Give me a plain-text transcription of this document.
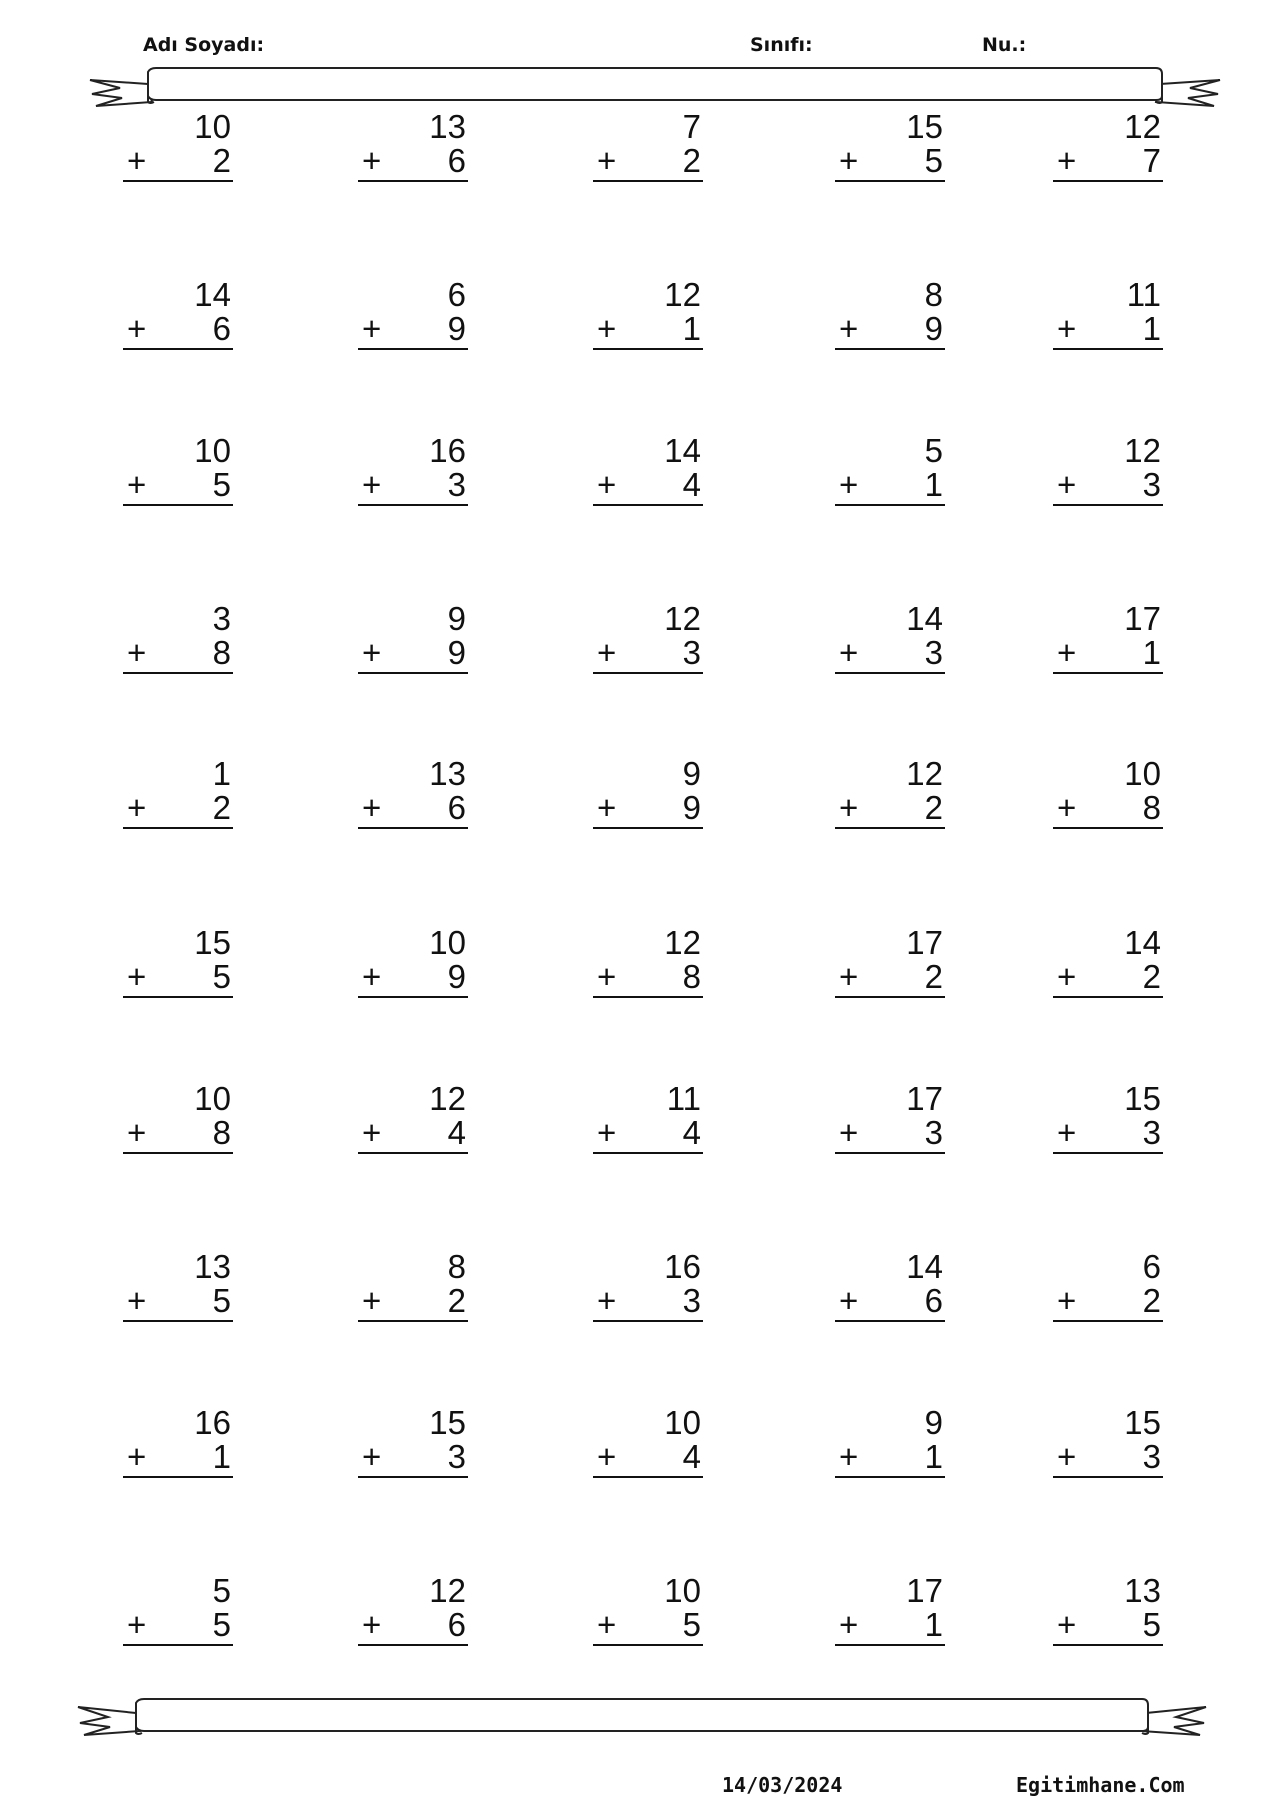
Adı Soyadı:	Sınıfı:	Nu.:
10
+ 2
13
+ 6
7
+ 2
15
+ 5
12
+ 7
14
+ 6
6
+ 9
12
+ 1
8
+ 9
11
+ 1
10
+ 5
16
+ 3
14
+ 4
5
+ 1
12
+ 3
3
+ 8
9
+ 9
12
+ 3
14
+ 3
17
+ 1
1
+ 2
13
+ 6
9
+ 9
12
+ 2
10
+ 8
15
+ 5
10
+ 9
12
+ 8
17
+ 2
14
+ 2
10
+ 8
12
+ 4
11
+ 4
17
+ 3
15
+ 3
13
+ 5
8
+ 2
16
+ 3
14
+ 6
6
+ 2
16
+ 1
15
+ 3
10
+ 4
9
+ 1
15
+ 3
5
+ 5
12
+ 6
10
+ 5
17
+ 1
13
+ 5
14/03/2024	Egitimhane.Com
